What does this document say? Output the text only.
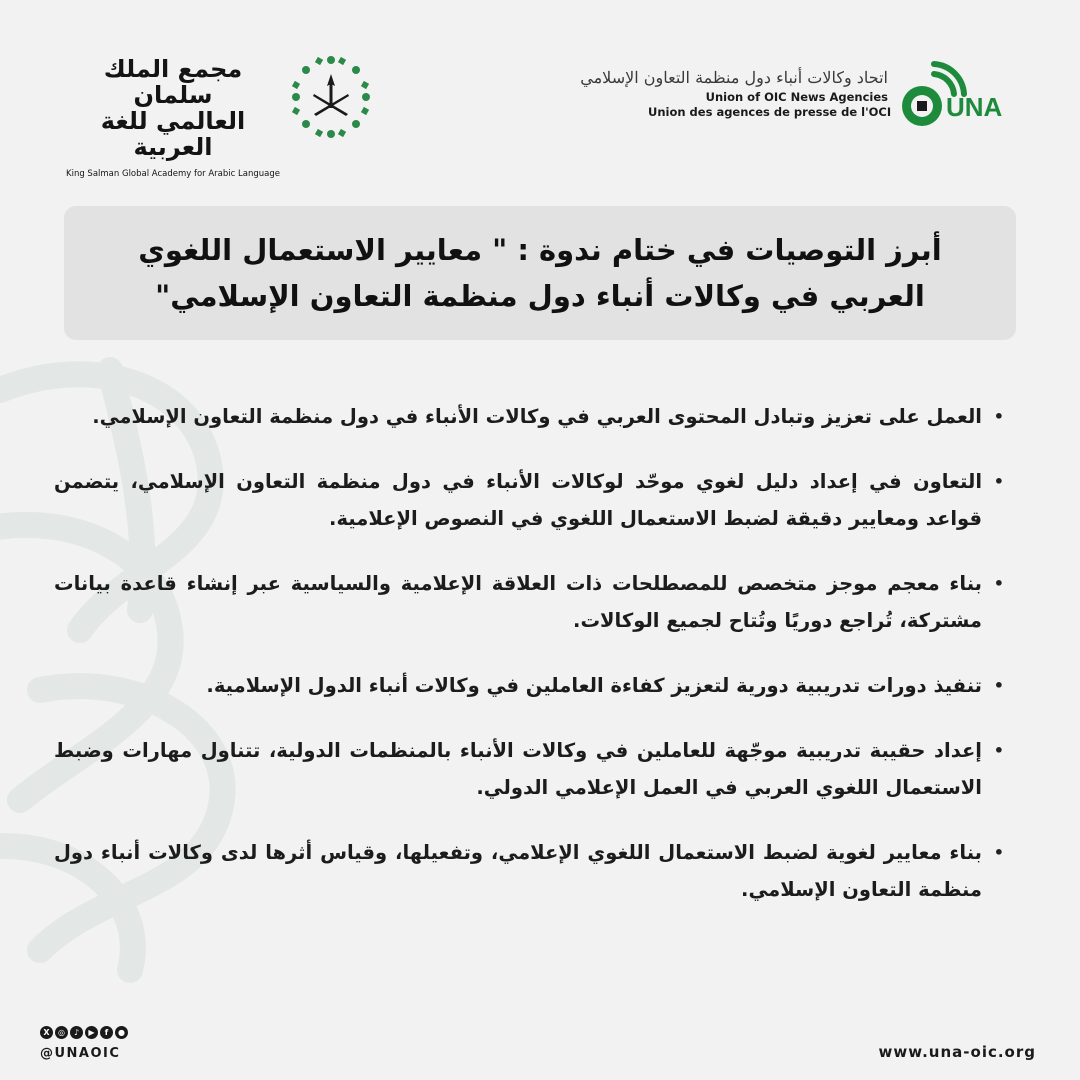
مجمع الملك سلمان
العالمي للغة العربية
King Salman Global Academy for Arabic Language
اتحاد وكالات أنباء دول منظمة التعاون الإسلامي
Union of OIC News Agencies
Union des agences de presse de l'OCI UNA
أبرز التوصيات في ختام ندوة : " معايير الاستعمال اللغوي العربي في وكالات أنباء دول منظمة التعاون الإسلامي"
•
العمل على تعزيز وتبادل المحتوى العربي في وكالات الأنباء في دول منظمة التعاون الإسلامي.
•
التعاون في إعداد دليل لغوي موحّد لوكالات الأنباء في دول منظمة التعاون الإسلامي، يتضمن قواعد ومعايير دقيقة لضبط الاستعمال اللغوي في النصوص الإعلامية.
•
بناء معجم موجز متخصص للمصطلحات ذات العلاقة الإعلامية والسياسية عبر إنشاء قاعدة بيانات مشتركة، تُراجع دوريًا وتُتاح لجميع الوكالات.
•
تنفيذ دورات تدريبية دورية لتعزيز كفاءة العاملين في وكالات أنباء الدول الإسلامية.
•
إعداد حقيبة تدريبية موجّهة للعاملين في وكالات الأنباء بالمنظمات الدولية، تتناول مهارات وضبط الاستعمال اللغوي العربي في العمل الإعلامي الدولي.
•
بناء معايير لغوية لضبط الاستعمال اللغوي الإعلامي، وتفعيلها، وقياس أثرها لدى وكالات أنباء دول منظمة التعاون الإسلامي.
X	◎	♪	▶	f	●
@UNAOIC	www.una-oic.org
